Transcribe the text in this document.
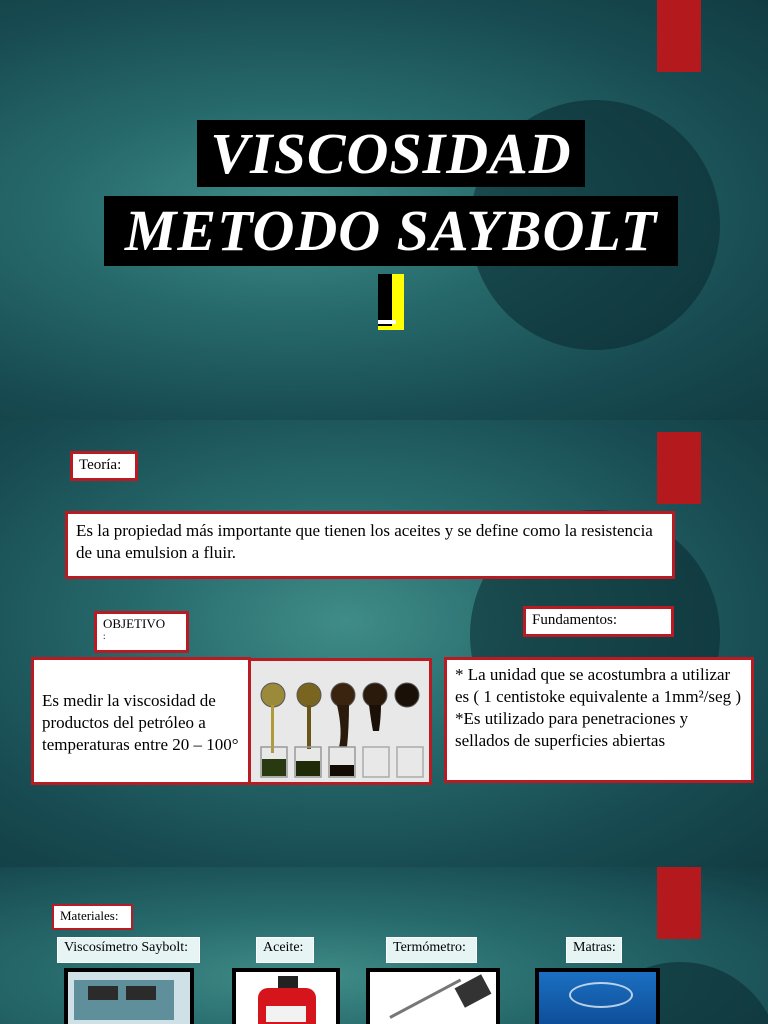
VISCOSIDAD
METODO SAYBOLT
Teoría:
Es la propiedad más importante que tienen los aceites y se define como la resistencia de una emulsion a fluir.
OBJETIVO
:
Fundamentos:
Es medir la viscosidad de productos del petróleo a temperaturas entre 20 – 100°
* La unidad que se acostumbra a utilizar es ( 1 centistoke equivalente a 1mm²/seg )
*Es utilizado para penetraciones y sellados de superficies abiertas
Materiales:
Viscosímetro Saybolt:	Aceite:	Termómetro:	Matras:
